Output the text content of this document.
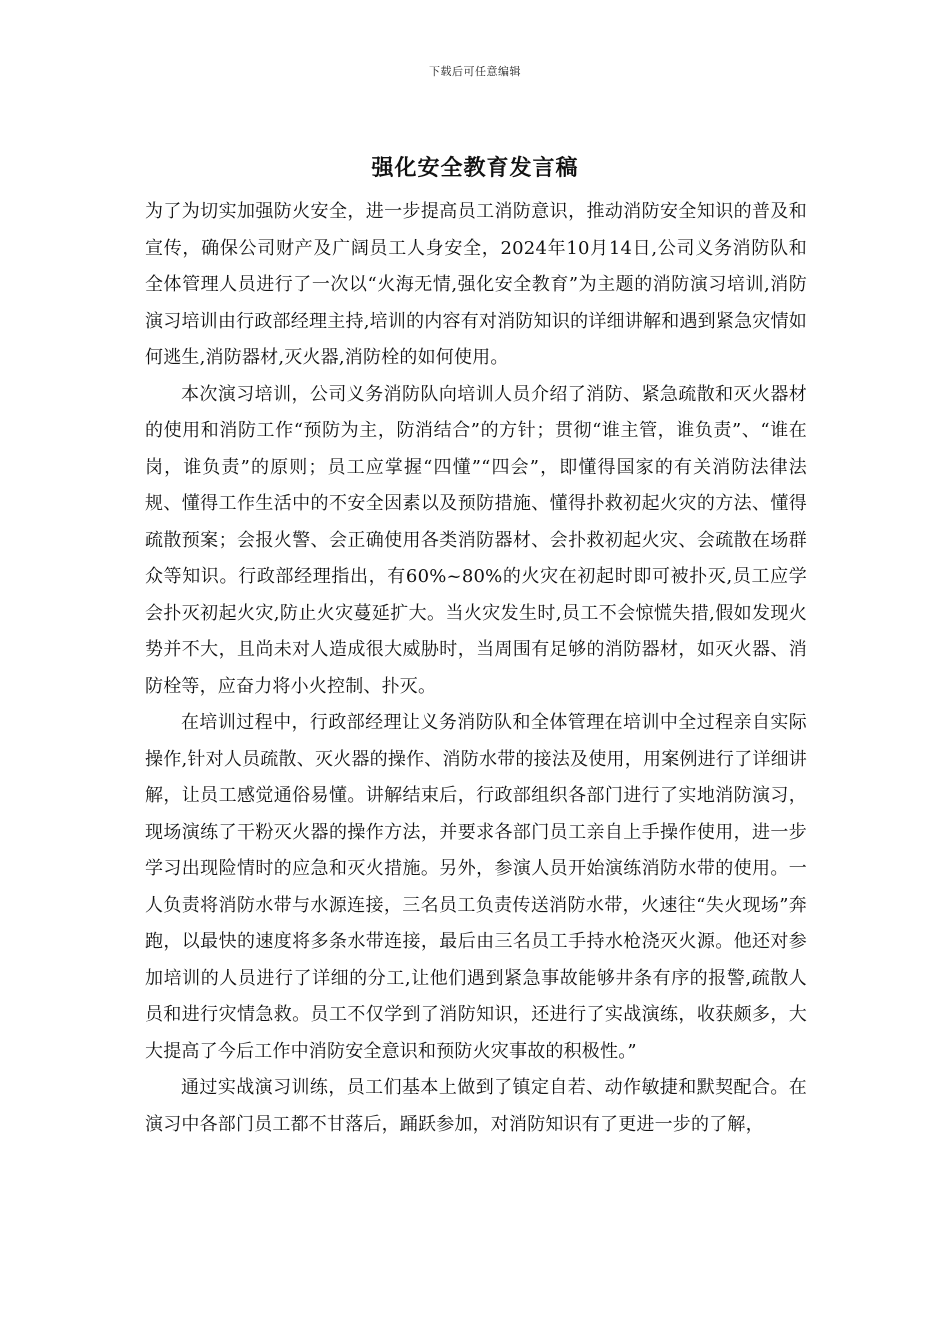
下载后可任意编辑
强化安全教育发言稿

为了为切实加强防火安全，进一步提高员工消防意识，推动消防安全知识的普及和宣传，确保公司财产及广阔员工人身安全，2024年10月14日,公司义务消防队和全体管理人员进行了一次以“火海无情,强化安全教育”为主题的消防演习培训,消防演习培训由行政部经理主持,培训的内容有对消防知识的详细讲解和遇到紧急灾情如何逃生,消防器材,灭火器,消防栓的如何使用。

本次演习培训，公司义务消防队向培训人员介绍了消防、紧急疏散和灭火器材的使用和消防工作“预防为主，防消结合”的方针；贯彻“谁主管，谁负责”、“谁在岗，谁负责”的原则；员工应掌握“四懂”“四会”，即懂得国家的有关消防法律法规、懂得工作生活中的不安全因素以及预防措施、懂得扑救初起火灾的方法、懂得疏散预案；会报火警、会正确使用各类消防器材、会扑救初起火灾、会疏散在场群众等知识。行政部经理指出，有60%~80%的火灾在初起时即可被扑灭,员工应学会扑灭初起火灾,防止火灾蔓延扩大。当火灾发生时,员工不会惊慌失措,假如发现火势并不大，且尚未对人造成很大威胁时，当周围有足够的消防器材，如灭火器、消防栓等，应奋力将小火控制、扑灭。

在培训过程中，行政部经理让义务消防队和全体管理在培训中全过程亲自实际操作,针对人员疏散、灭火器的操作、消防水带的接法及使用，用案例进行了详细讲解，让员工感觉通俗易懂。讲解结束后，行政部组织各部门进行了实地消防演习，现场演练了干粉灭火器的操作方法，并要求各部门员工亲自上手操作使用，进一步学习出现险情时的应急和灭火措施。另外，参演人员开始演练消防水带的使用。一人负责将消防水带与水源连接，三名员工负责传送消防水带，火速往“失火现场”奔跑，以最快的速度将多条水带连接，最后由三名员工手持水枪浇灭火源。他还对参加培训的人员进行了详细的分工,让他们遇到紧急事故能够井条有序的报警,疏散人员和进行灾情急救。员工不仅学到了消防知识，还进行了实战演练，收获颇多，大大提高了今后工作中消防安全意识和预防火灾事故的积极性。”

通过实战演习训练，员工们基本上做到了镇定自若、动作敏捷和默契配合。在演习中各部门员工都不甘落后，踊跃参加，对消防知识有了更进一步的了解，
